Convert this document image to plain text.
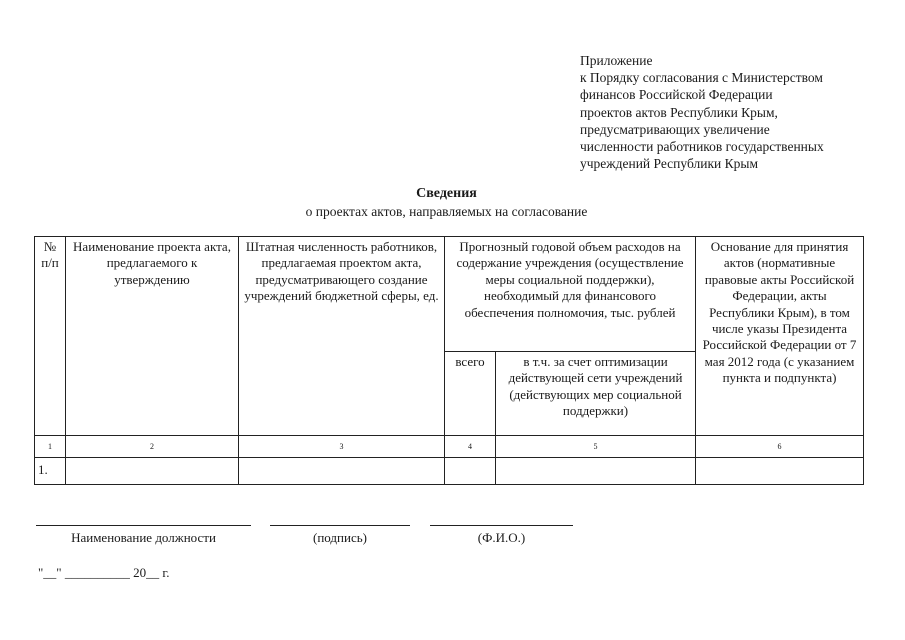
Приложение
к Порядку согласования с Министерством
финансов Российской Федерации
проектов актов Республики Крым,
предусматривающих увеличение
численности работников государственных
учреждений Республики Крым
Сведения
о проектах актов, направляемых на согласование
№ п/п	Наименование проекта акта, предлагаемого к утверждению	Штатная численность работников, предлагаемая проектом акта, предусматривающего создание учреждений бюджетной сферы, ед.	Прогнозный годовой объем расходов на содержание учреждения (осуществление меры социальной поддержки), необходимый для финансового обеспечения полномочия, тыс. рублей		Основание для принятия актов (нормативные правовые акты Российской Федерации, акты Республики Крым), в том числе указы Президента Российской Федерации от 7 мая 2012 года (с указанием пункта и подпункта)
			всего	в т.ч. за счет оптимизации действующей сети учреждений (действующих мер социальной поддержки)	
1	2	3	4	5	6
1.					
Наименование должности	(подпись)	(Ф.И.О.)
"__" __________ 20__ г.
